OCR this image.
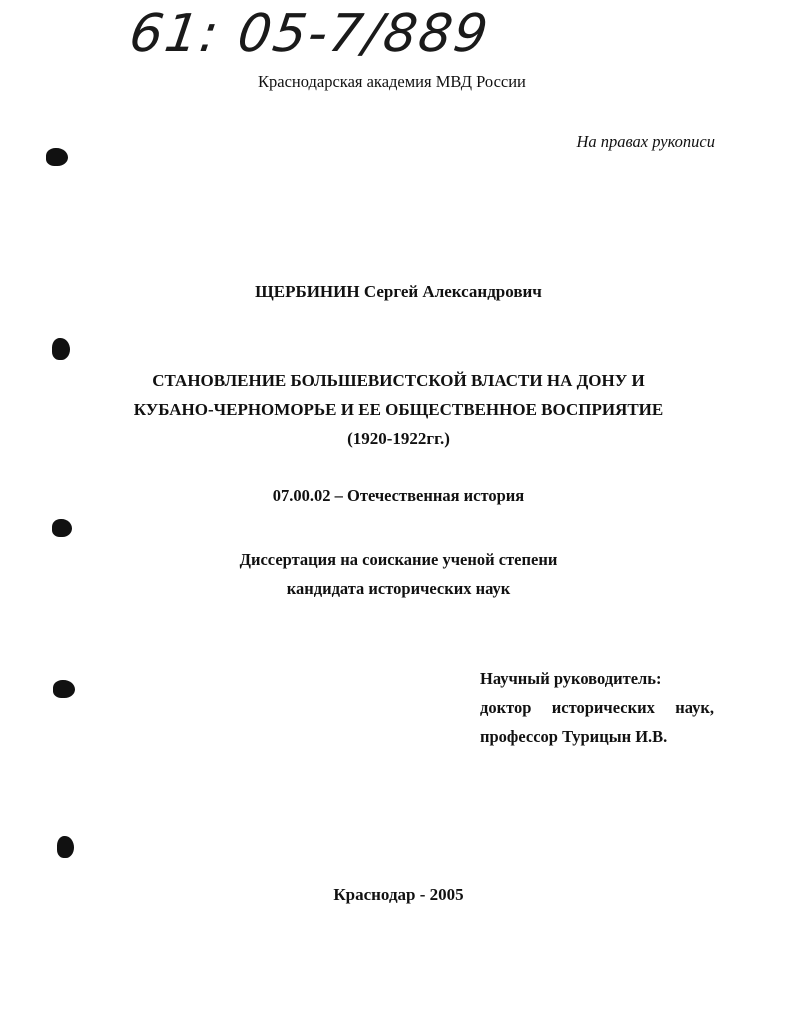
61: 05-7/889
Краснодарская академия МВД России
На правах рукописи
ЩЕРБИНИН Сергей Александрович
СТАНОВЛЕНИЕ БОЛЬШЕВИСТСКОЙ ВЛАСТИ НА ДОНУ И
КУБАНО-ЧЕРНОМОРЬЕ И ЕЕ ОБЩЕСТВЕННОЕ ВОСПРИЯТИЕ
(1920-1922гг.)
07.00.02 – Отечественная история
Диссертация на соискание ученой степени
кандидата исторических наук
Научный руководитель:
доктор исторических наук,
профессор Турицын И.В.
Краснодар - 2005
